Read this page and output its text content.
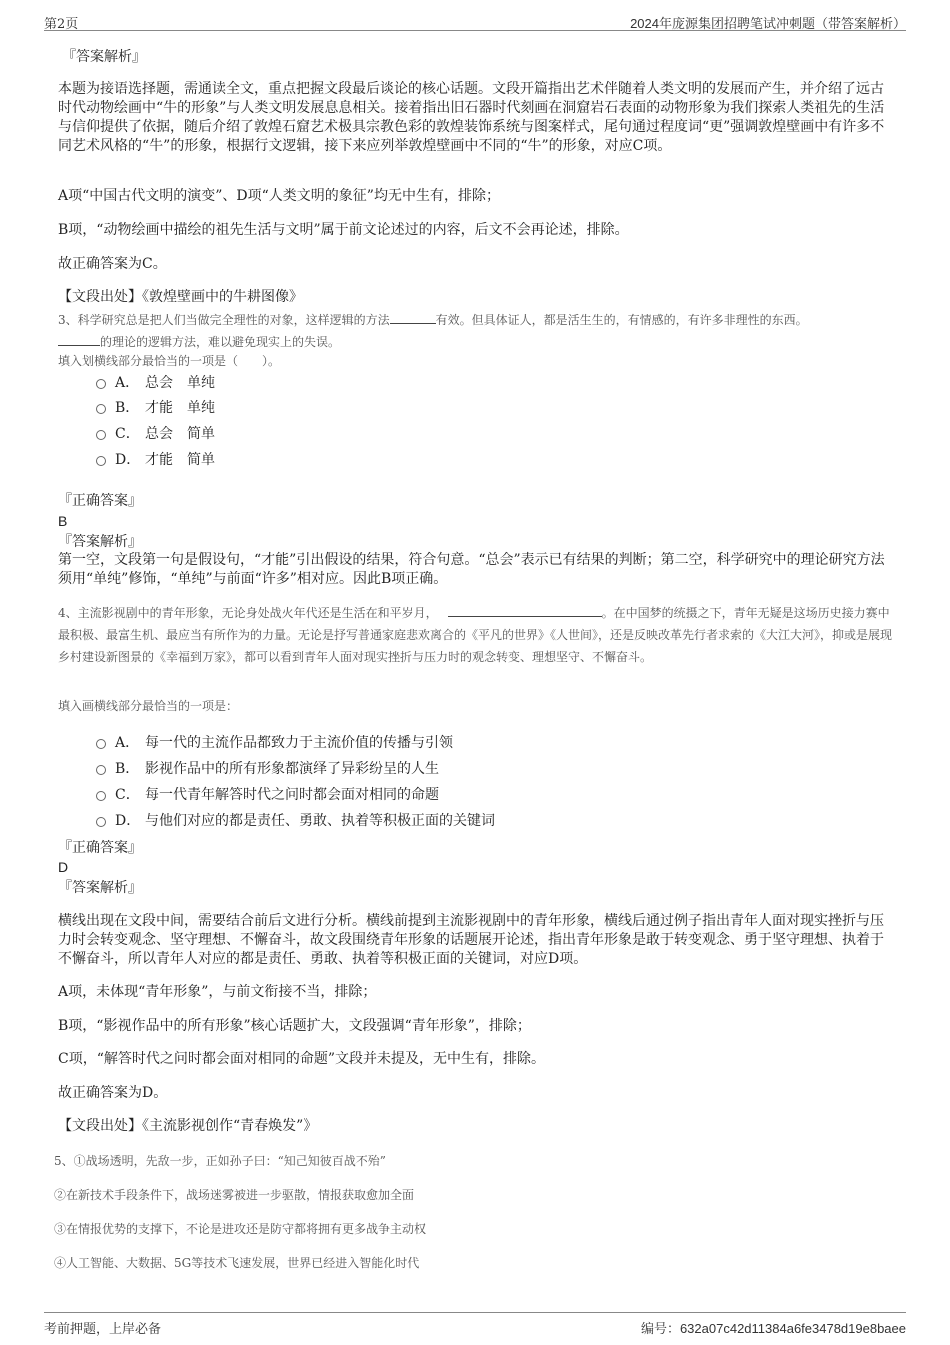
第2页	2024年庞源集团招聘笔试冲刺题（带答案解析）
『答案解析』
本题为接语选择题，需通读全文，重点把握文段最后谈论的核心话题。文段开篇指出艺术伴随着人类文明的发展而产生，并介绍了远古时代动物绘画中“牛的形象”与人类文明发展息息相关。接着指出旧石器时代刻画在洞窟岩石表面的动物形象为我们探索人类祖先的生活与信仰提供了依据，随后介绍了敦煌石窟艺术极具宗教色彩的敦煌装饰系统与图案样式，尾句通过程度词“更”强调敦煌壁画中有许多不同艺术风格的“牛”的形象，根据行文逻辑，接下来应列举敦煌壁画中不同的“牛”的形象，对应C项。
A项“中国古代文明的演变”、D项“人类文明的象征”均无中生有，排除；
B项，“动物绘画中描绘的祖先生活与文明”属于前文论述过的内容，后文不会再论述，排除。
故正确答案为C。
【文段出处】《敦煌壁画中的牛耕图像》
3、科学研究总是把人们当做完全理性的对象，这样逻辑的方法	有效。但具体证人，都是活生生的，有情感的，有许多非理性的东西。
的理论的逻辑方法，难以避免现实上的失误。
填入划横线部分最恰当的一项是（　　）。
A． 总会　单纯
B． 才能　单纯
C． 总会　简单
D． 才能　简单
『正确答案』
B
『答案解析』
第一空，文段第一句是假设句，“才能”引出假设的结果，符合句意。“总会”表示已有结果的判断；第二空，科学研究中的理论研究方法须用“单纯”修饰，“单纯”与前面“许多”相对应。因此B项正确。
4、主流影视剧中的青年形象，无论身处战火年代还是生活在和平岁月，	。在中国梦的统摄之下，青年无疑是这场历史接力赛中最积极、最富生机、最应当有所作为的力量。无论是抒写普通家庭悲欢离合的《平凡的世界》《人世间》，还是反映改革先行者求索的《大江大河》，抑或是展现乡村建设新图景的《幸福到万家》，都可以看到青年人面对现实挫折与压力时的观念转变、理想坚守、不懈奋斗。
填入画横线部分最恰当的一项是：
A． 每一代的主流作品都致力于主流价值的传播与引领
B． 影视作品中的所有形象都演绎了异彩纷呈的人生
C． 每一代青年解答时代之问时都会面对相同的命题
D． 与他们对应的都是责任、勇敢、执着等积极正面的关键词
『正确答案』
D
『答案解析』
横线出现在文段中间，需要结合前后文进行分析。横线前提到主流影视剧中的青年形象，横线后通过例子指出青年人面对现实挫折与压力时会转变观念、坚守理想、不懈奋斗，故文段围绕青年形象的话题展开论述，指出青年形象是敢于转变观念、勇于坚守理想、执着于不懈奋斗，所以青年人对应的都是责任、勇敢、执着等积极正面的关键词，对应D项。
A项，未体现“青年形象”，与前文衔接不当，排除；
B项，“影视作品中的所有形象”核心话题扩大，文段强调“青年形象”，排除；
C项，“解答时代之问时都会面对相同的命题”文段并未提及，无中生有，排除。
故正确答案为D。
【文段出处】《主流影视创作“青春焕发”》
5、①战场透明，先敌一步，正如孙子曰：“知己知彼百战不殆”
②在新技术手段条件下，战场迷雾被进一步驱散，情报获取愈加全面
③在情报优势的支撑下，不论是进攻还是防守都将拥有更多战争主动权
④人工智能、大数据、5G等技术飞速发展，世界已经进入智能化时代
考前押题，上岸必备	编号：632a07c42d11384a6fe3478d19e8baee
